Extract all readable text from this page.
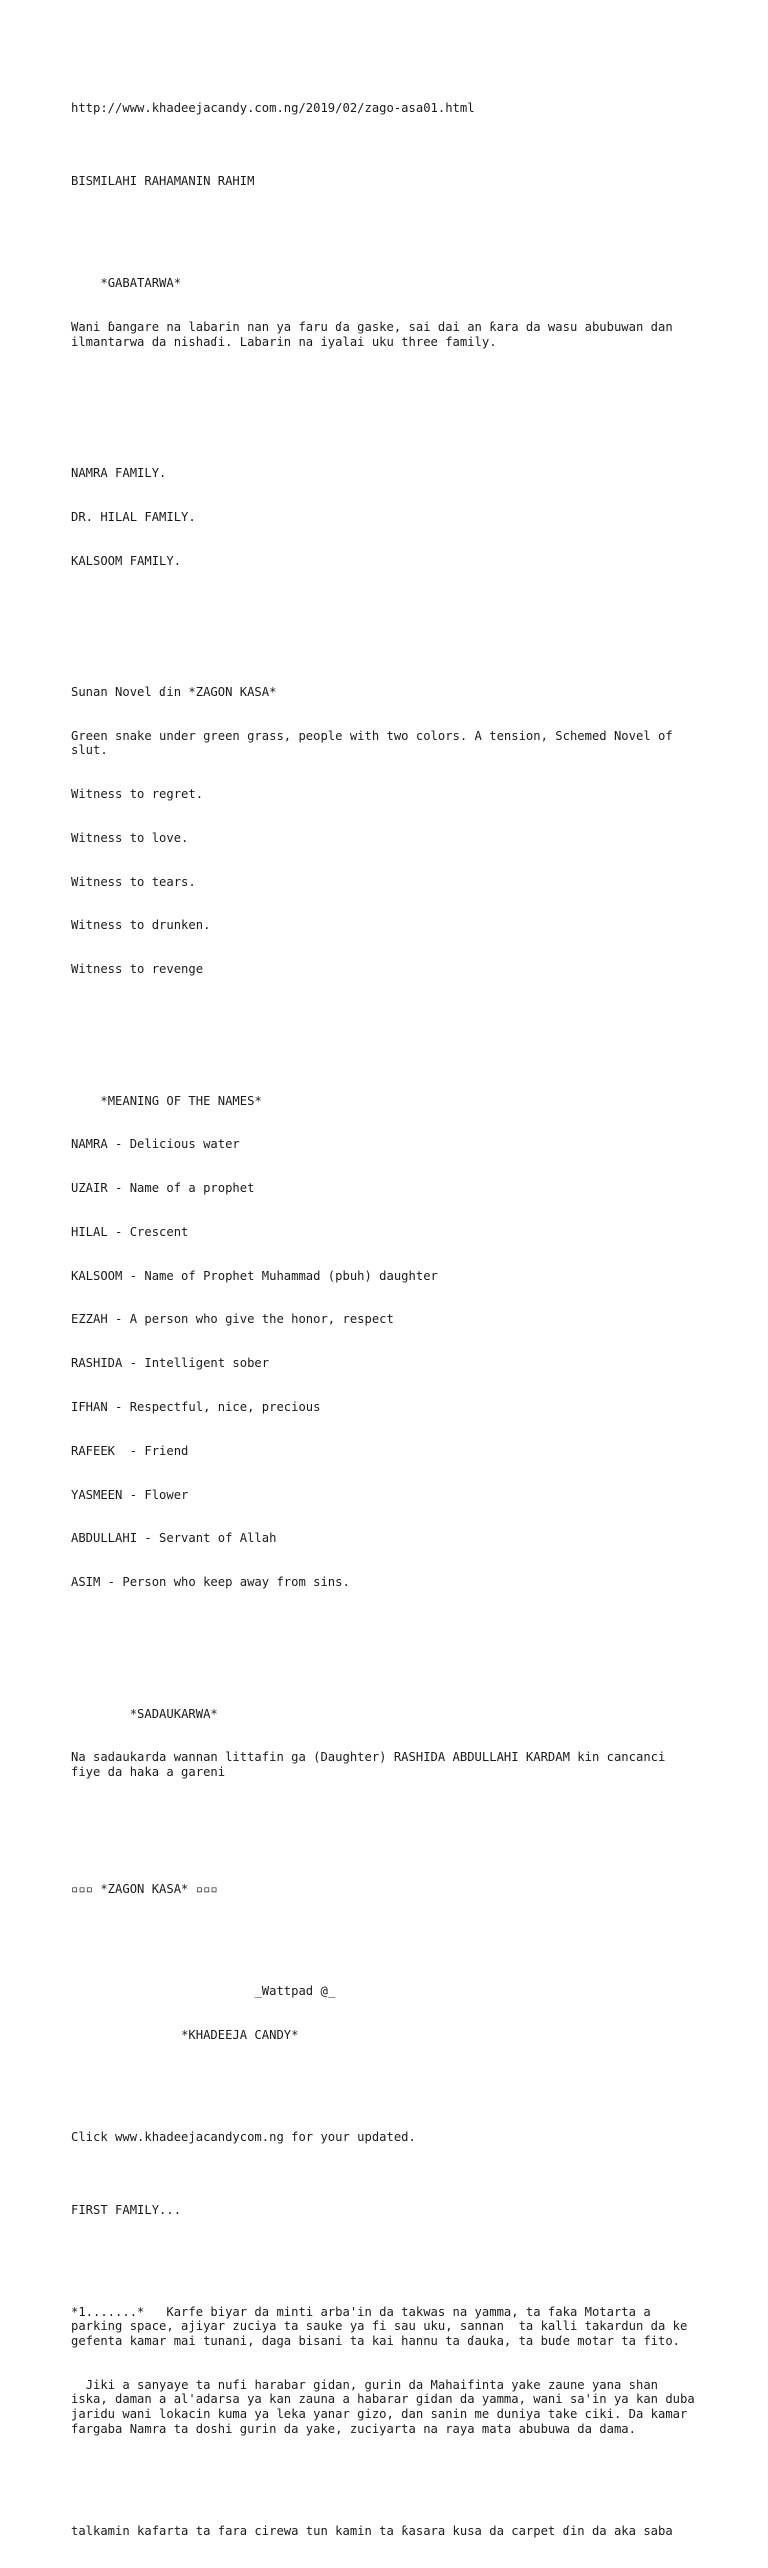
http://www.khadeejacandy.com.ng/2019/02/zago-asa01.html

BISMILAHI RAHAMANIN RAHIM

*GABATARWA*

Wani ɓangare na labarin nan ya faru ɗa gaske, sai dai an ƙara da wasu abubuwan dan ilmantarwa da nishaɗi. Labarin na iyalai uku three family.

NAMRA FAMILY.

DR. HILAL FAMILY.

KALSOOM FAMILY.

Sunan Novel ɗin *ZAGON KASA*

Green snake under green grass, people with two colors. A tension, Schemed Novel of slut.

Witness to regret.

Witness to love.

Witness to tears.

Witness to drunken.

Witness to revenge

*MEANING OF THE NAMES*

NAMRA - Delicious water

UZAIR - Name of a prophet

HILAL - Crescent

KALSOOM - Name of Prophet Muhammad (pbuh) daughter

EZZAH - A person who give the honor, respect

RASHIDA - Intelligent sober

IFHAN - Respectful, nice, precious

RAFEEK  - Friend

YASMEEN - Flower

ABDULLAHI - Servant of Allah

ASIM - Person who keep away from sins.

*SADAUKARWA*

Na sadaukarda wannan littafin ga (Daughter) RASHIDA ABDULLAHI KARDAM kin cancanci fiye da haka a gareni

▫▫▫ *ZAGON KASA* ▫▫▫

_Wattpad @_

*KHADEEJA CANDY*

Click www.khadeejacandycom.ng for your updated.

FIRST FAMILY...

*1.......*   Karfe biyar da minti arba'in da takwas na yamma, ta faka Motarta a parking space, ajiyar zuciya ta sauke ya fi sau uku, sannan  ta kalli takardun da ke gefenta kamar mai tunani, daga bisani ta kai hannu ta ɗauka, ta buɗe motar ta fito.

Jiki a sanyaye ta nufi harabar gidan, gurin da Mahaifinta yake zaune yana shan iska, daman a al'adarsa ya kan zauna a habarar gidan da yamma, wani sa'in ya kan duba jaridu wani lokacin kuma ya leka yanar gizo, dan sanin me duniya take ciki. Da kamar fargaba Namra ta doshi gurin da yake, zuciyarta na raya mata abubuwa da dama.

talkamin kafarta ta fara cirewa tun kamin ta ƙasara kusa da carpet ɗin da aka saba
